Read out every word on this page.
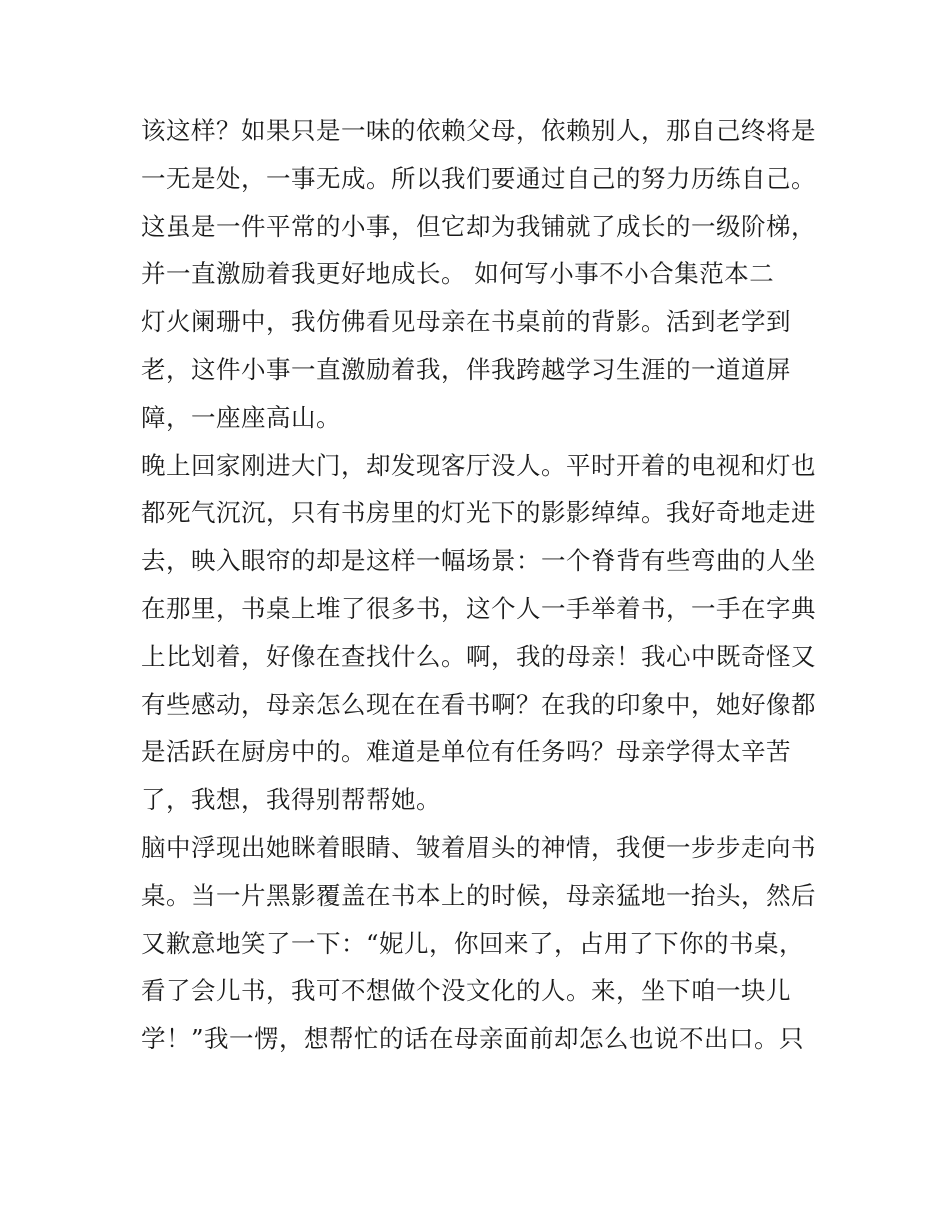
该这样？如果只是一味的依赖父母，依赖别人，那自己终将是
一无是处，一事无成。所以我们要通过自己的努力历练自己。
这虽是一件平常的小事，但它却为我铺就了成长的一级阶梯，
并一直激励着我更好地成长。 如何写小事不小合集范本二
灯火阑珊中，我仿佛看见母亲在书桌前的背影。活到老学到
老，这件小事一直激励着我，伴我跨越学习生涯的一道道屏
障，一座座高山。
晚上回家刚进大门，却发现客厅没人。平时开着的电视和灯也
都死气沉沉，只有书房里的灯光下的影影绰绰。我好奇地走进
去，映入眼帘的却是这样一幅场景：一个脊背有些弯曲的人坐
在那里，书桌上堆了很多书，这个人一手举着书，一手在字典
上比划着，好像在查找什么。啊，我的母亲！我心中既奇怪又
有些感动，母亲怎么现在在看书啊？在我的印象中，她好像都
是活跃在厨房中的。难道是单位有任务吗？母亲学得太辛苦
了，我想，我得别帮帮她。
脑中浮现出她眯着眼睛、皱着眉头的神情，我便一步步走向书
桌。当一片黑影覆盖在书本上的时候，母亲猛地一抬头，然后
又歉意地笑了一下：“妮儿，你回来了，占用了下你的书桌，
看了会儿书，我可不想做个没文化的人。来，坐下咱一块儿
学！”我一愣，想帮忙的话在母亲面前却怎么也说不出口。只
